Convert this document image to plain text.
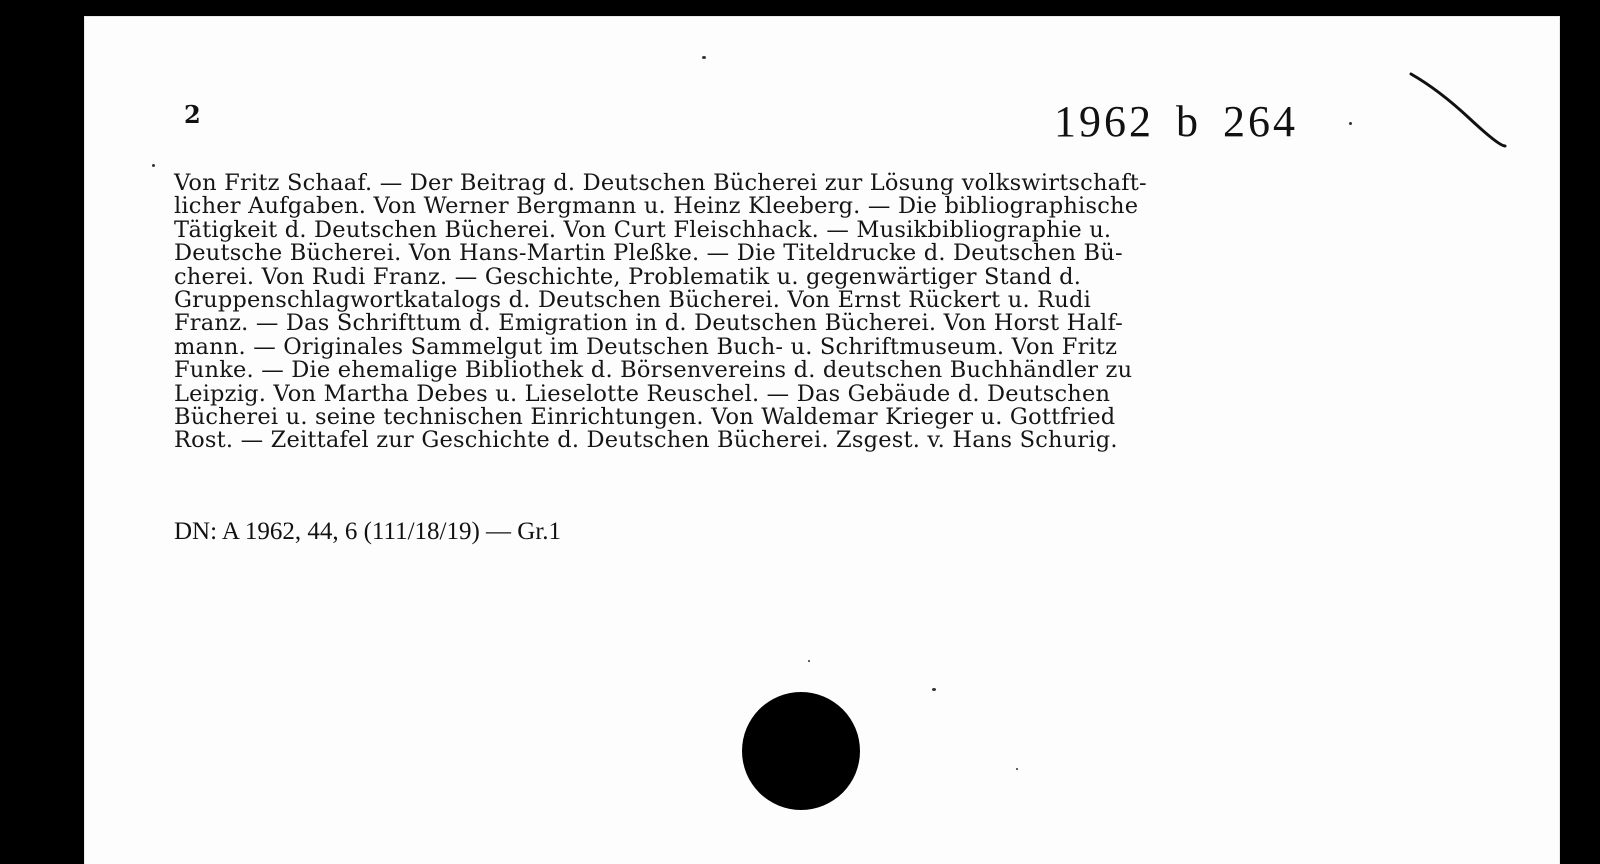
2	1962 b 264
Von Fritz Schaaf. — Der Beitrag d. Deutschen Bücherei zur Lösung volkswirtschaft-
licher Aufgaben. Von Werner Bergmann u. Heinz Kleeberg. — Die bibliographische
Tätigkeit d. Deutschen Bücherei. Von Curt Fleischhack. — Musikbibliographie u.
Deutsche Bücherei. Von Hans-Martin Pleßke. — Die Titeldrucke d. Deutschen Bü-
cherei. Von Rudi Franz. — Geschichte, Problematik u. gegenwärtiger Stand d.
Gruppenschlagwortkatalogs d. Deutschen Bücherei. Von Ernst Rückert u. Rudi
Franz. — Das Schrifttum d. Emigration in d. Deutschen Bücherei. Von Horst Half-
mann. — Originales Sammelgut im Deutschen Buch- u. Schriftmuseum. Von Fritz
Funke. — Die ehemalige Bibliothek d. Börsenvereins d. deutschen Buchhändler zu
Leipzig. Von Martha Debes u. Lieselotte Reuschel. — Das Gebäude d. Deutschen
Bücherei u. seine technischen Einrichtungen. Von Waldemar Krieger u. Gottfried
Rost. — Zeittafel zur Geschichte d. Deutschen Bücherei. Zsgest. v. Hans Schurig.
DN: A 1962, 44, 6 (111/18/19) — Gr.1
